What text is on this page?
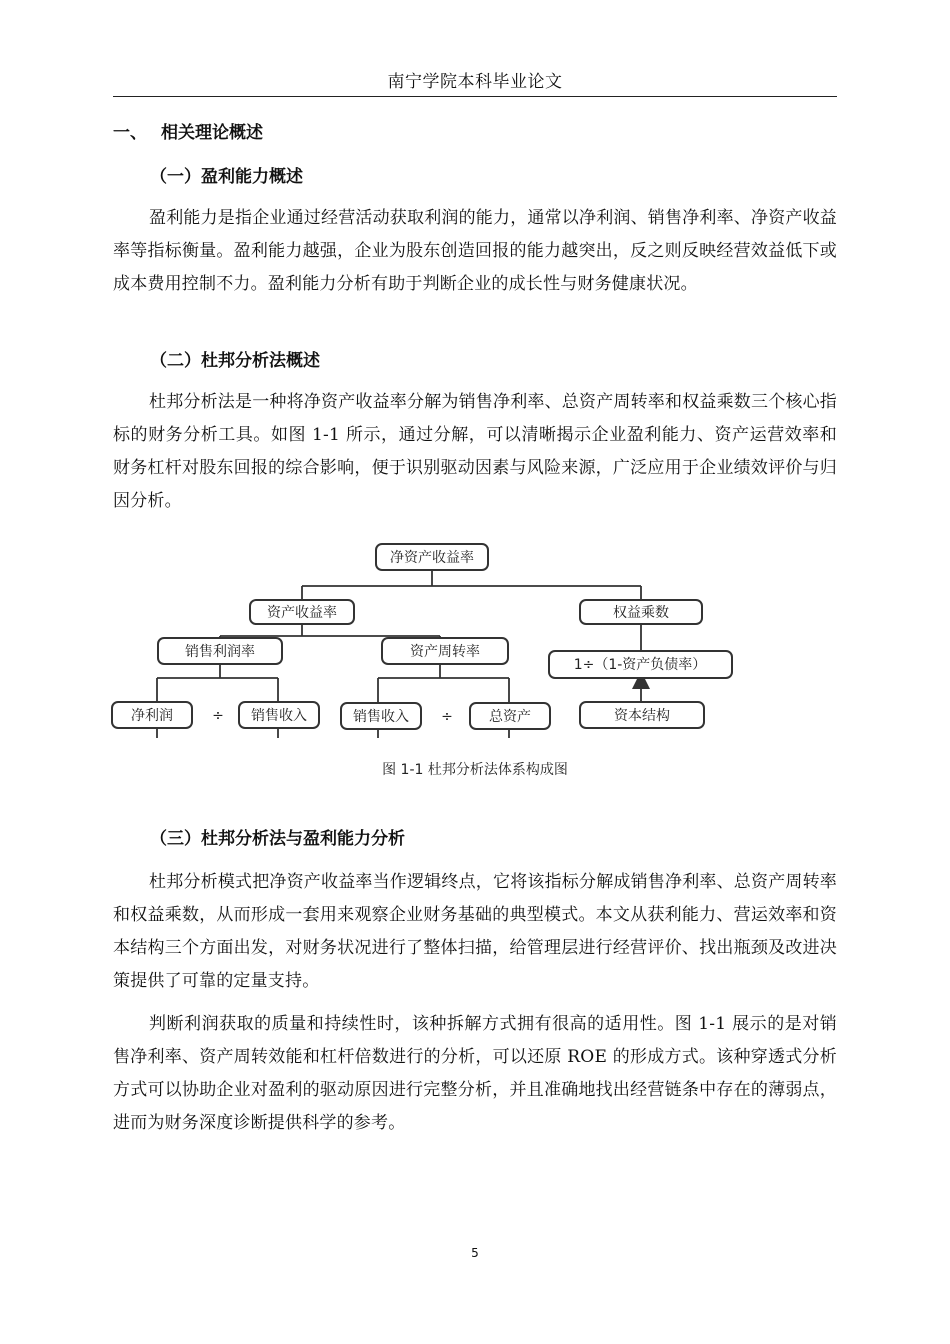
南宁学院本科毕业论文
一、 相关理论概述
（一）盈利能力概述

盈利能力是指企业通过经营活动获取利润的能力，通常以净利润、销售净利率、净资产收益率等指标衡量。盈利能力越强，企业为股东创造回报的能力越突出，反之则反映经营效益低下或成本费用控制不力。盈利能力分析有助于判断企业的成长性与财务健康状况。

（二）杜邦分析法概述

杜邦分析法是一种将净资产收益率分解为销售净利率、总资产周转率和权益乘数三个核心指标的财务分析工具。如图 1-1 所示，通过分解，可以清晰揭示企业盈利能力、资产运营效率和财务杠杆对股东回报的综合影响，便于识别驱动因素与风险来源，广泛应用于企业绩效评价与归因分析。

净资产收益率
资产收益率	权益乘数
销售利润率	资产周转率
1÷（1-资产负债率）
净利润	÷ 销售收入	销售收入 ÷	总资产	资本结构
图 1-1 杜邦分析法体系构成图
（三）杜邦分析法与盈利能力分析

杜邦分析模式把净资产收益率当作逻辑终点，它将该指标分解成销售净利率、总资产周转率和权益乘数，从而形成一套用来观察企业财务基础的典型模式。本文从获利能力、营运效率和资本结构三个方面出发，对财务状况进行了整体扫描，给管理层进行经营评价、找出瓶颈及改进决策提供了可靠的定量支持。

判断利润获取的质量和持续性时，该种拆解方式拥有很高的适用性。图 1-1 展示的是对销售净利率、资产周转效能和杠杆倍数进行的分析，可以还原 ROE 的形成方式。该种穿透式分析方式可以协助企业对盈利的驱动原因进行完整分析，并且准确地找出经营链条中存在的薄弱点，进而为财务深度诊断提供科学的参考。

5
